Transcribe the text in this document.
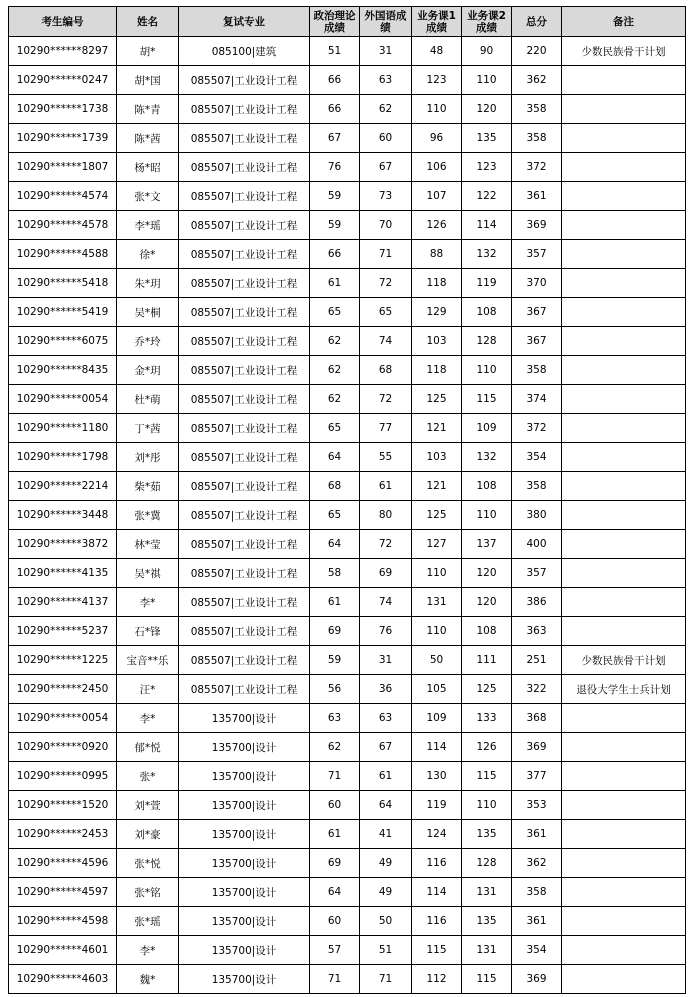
考生编号	姓名	复试专业	政治理论成绩	外国语成绩	业务课1成绩	业务课2成绩	总分	备注
10290******8297	胡*	085100|建筑	51	31	48	90	220	少数民族骨干计划
10290******0247	胡*国	085507|工业设计工程	66	63	123	110	362	
10290******1738	陈*青	085507|工业设计工程	66	62	110	120	358	
10290******1739	陈*茜	085507|工业设计工程	67	60	96	135	358	
10290******1807	杨*昭	085507|工业设计工程	76	67	106	123	372	
10290******4574	张*文	085507|工业设计工程	59	73	107	122	361	
10290******4578	李*瑶	085507|工业设计工程	59	70	126	114	369	
10290******4588	徐*	085507|工业设计工程	66	71	88	132	357	
10290******5418	朱*玥	085507|工业设计工程	61	72	118	119	370	
10290******5419	吴*桐	085507|工业设计工程	65	65	129	108	367	
10290******6075	乔*玲	085507|工业设计工程	62	74	103	128	367	
10290******8435	金*玥	085507|工业设计工程	62	68	118	110	358	
10290******0054	杜*萌	085507|工业设计工程	62	72	125	115	374	
10290******1180	丁*茜	085507|工业设计工程	65	77	121	109	372	
10290******1798	刘*彤	085507|工业设计工程	64	55	103	132	354	
10290******2214	柴*茹	085507|工业设计工程	68	61	121	108	358	
10290******3448	张*冀	085507|工业设计工程	65	80	125	110	380	
10290******3872	林*莹	085507|工业设计工程	64	72	127	137	400	
10290******4135	吴*祺	085507|工业设计工程	58	69	110	120	357	
10290******4137	李*	085507|工业设计工程	61	74	131	120	386	
10290******5237	石*锋	085507|工业设计工程	69	76	110	108	363	
10290******1225	宝音**乐	085507|工业设计工程	59	31	50	111	251	少数民族骨干计划
10290******2450	汪*	085507|工业设计工程	56	36	105	125	322	退役大学生士兵计划
10290******0054	李*	135700|设计	63	63	109	133	368	
10290******0920	郁*悦	135700|设计	62	67	114	126	369	
10290******0995	张*	135700|设计	71	61	130	115	377	
10290******1520	刘*萱	135700|设计	60	64	119	110	353	
10290******2453	刘*豪	135700|设计	61	41	124	135	361	
10290******4596	张*悦	135700|设计	69	49	116	128	362	
10290******4597	张*铭	135700|设计	64	49	114	131	358	
10290******4598	张*瑶	135700|设计	60	50	116	135	361	
10290******4601	李*	135700|设计	57	51	115	131	354	
10290******4603	魏*	135700|设计	71	71	112	115	369	
